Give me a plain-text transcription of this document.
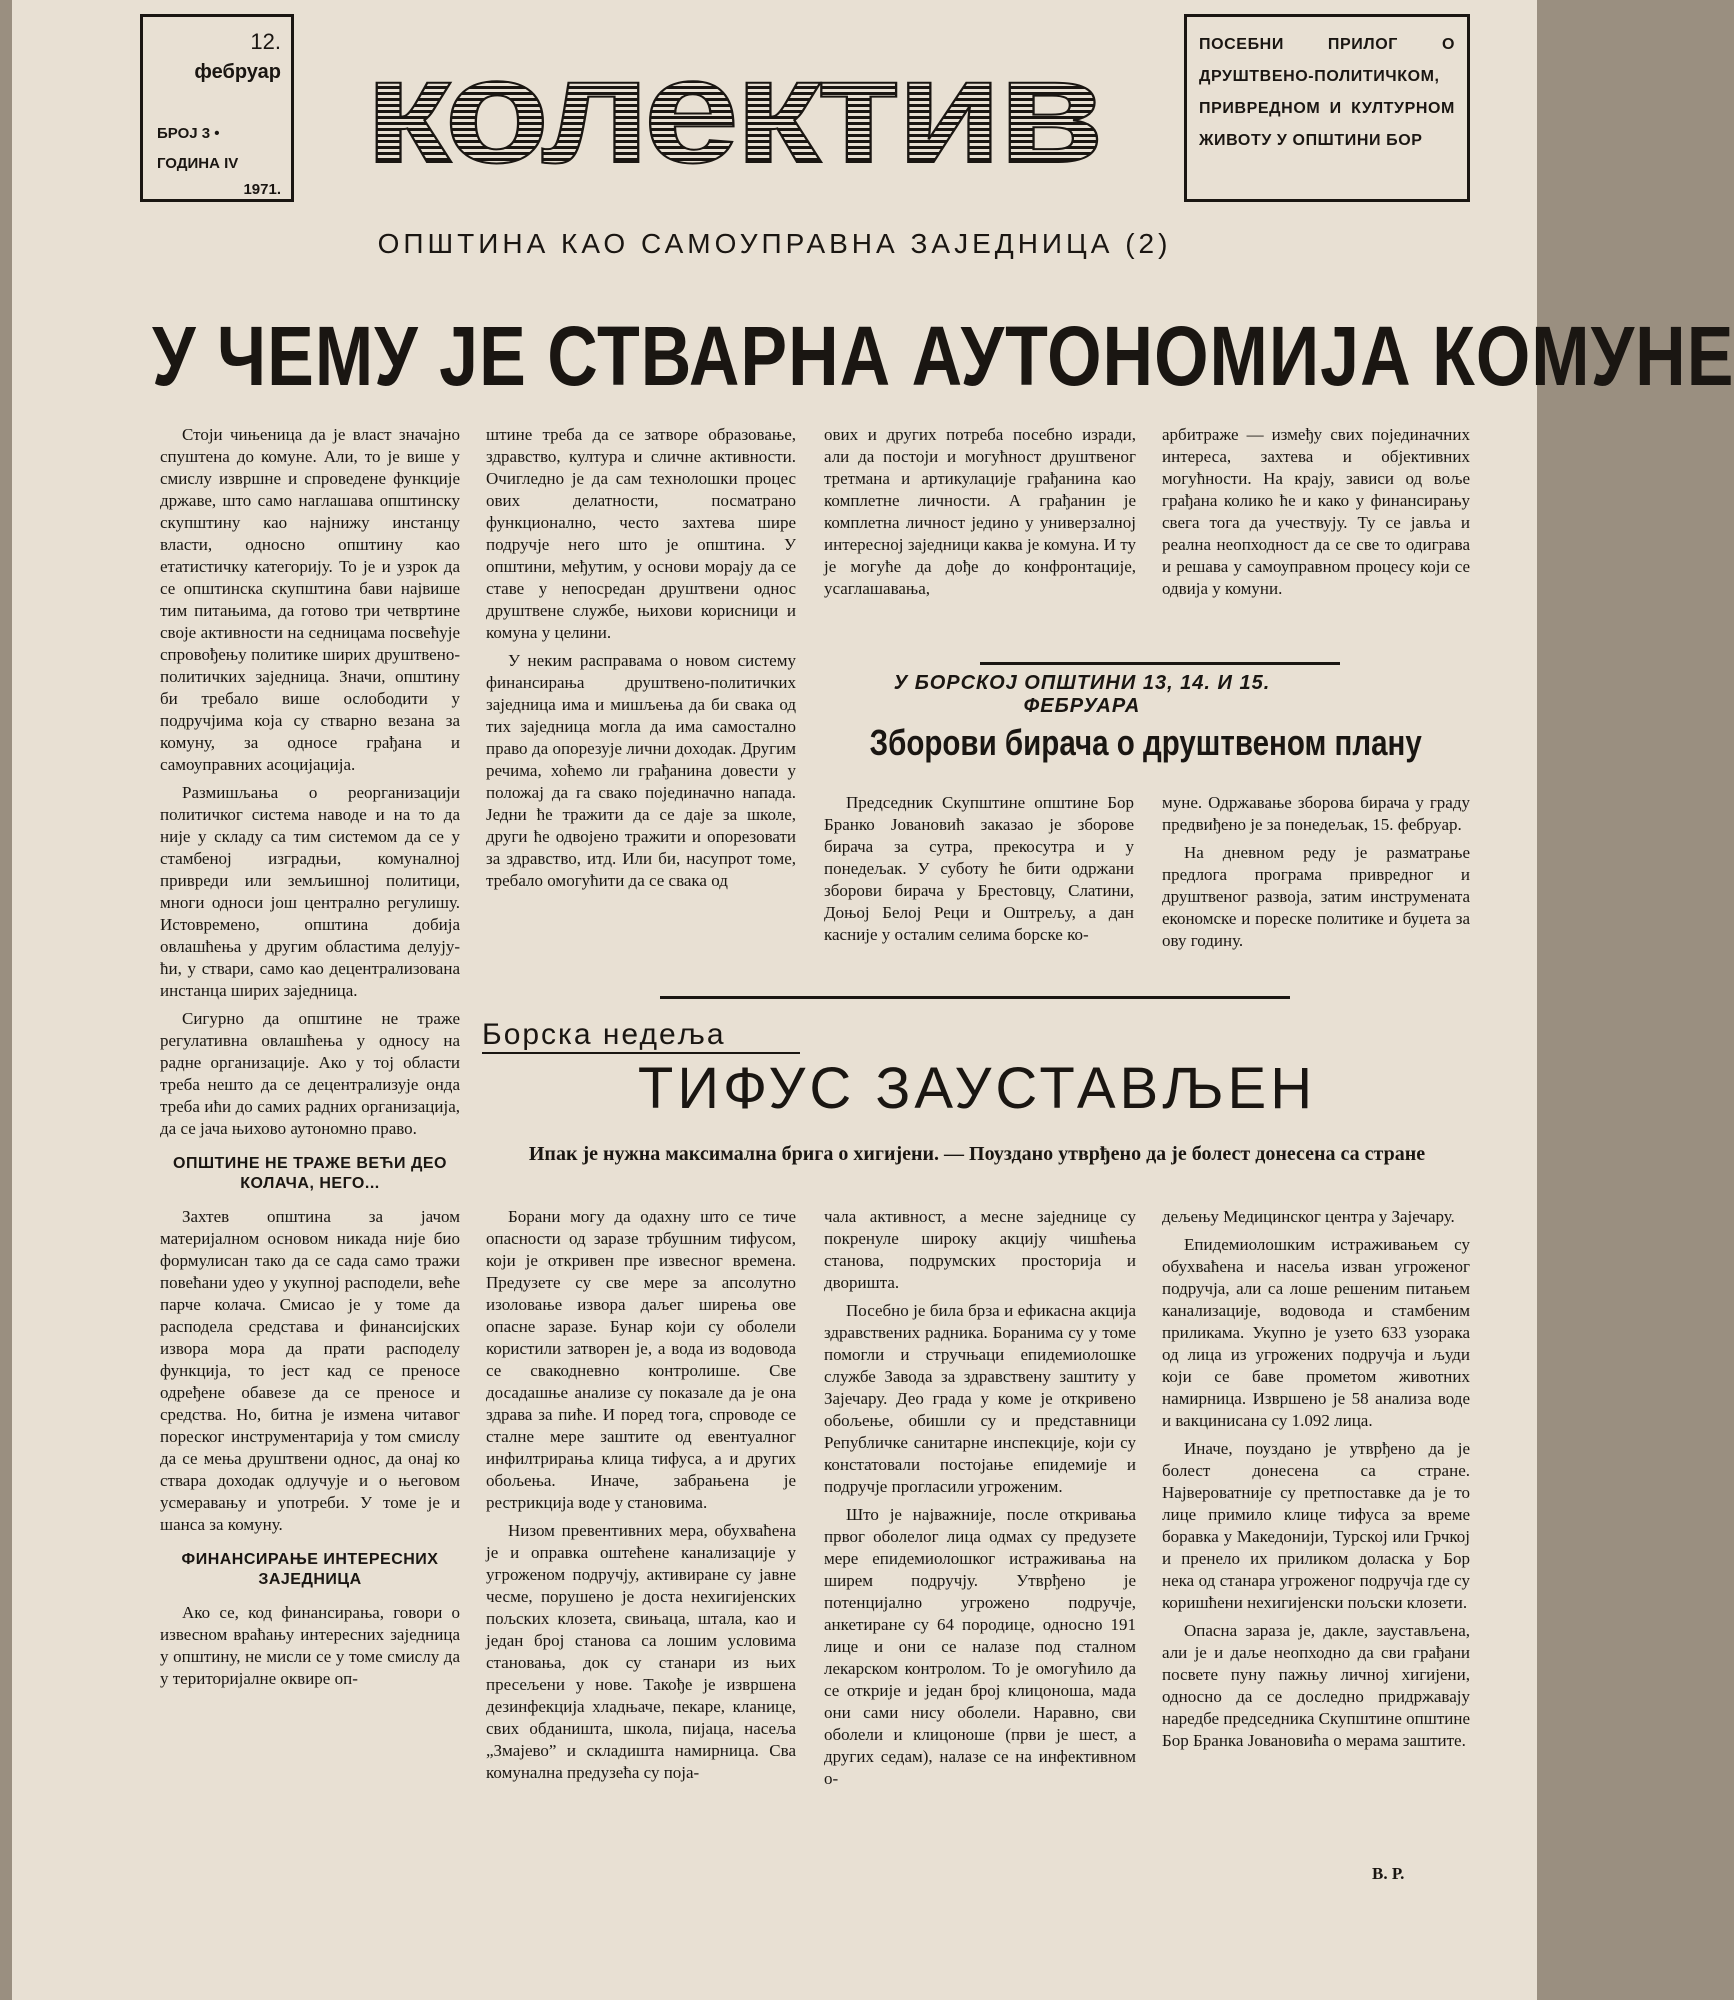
12.
фебруар
БРОЈ 3 •
ГОДИНА IV
1971. колектив	ПОСЕБНИ ПРИЛОГ О ДРУШТВЕНО-ПОЛИТИЧКОМ, ПРИВРЕДНОМ И КУЛТУРНОМ ЖИВОТУ У ОПШТИНИ БОР
ОПШТИНА КАО САМОУПРАВНА ЗАЈЕДНИЦА (2)
У ЧЕМУ ЈЕ СТВАРНА АУТОНОМИЈА КОМУНЕ

Стоји чињеница да је власт значајно спуштена до комуне. Али, то је више у смислу извршне и спроведене функције државе, што само наглашава општинску скупштину као најнижу инстанцу власти, односно општину као етатистичку категорију. То је и узрок да се општинска скупштина бави највише тим питањима, да готово три четвртине своје активности на седницама посвећује спровођењу политике ширих друштвено-политичких заједница. Значи, општину би требало више ослободити у подручјима која су стварно везана за комуну, за односе грађана и самоуправних асоцијација.

Размишљања о реорганизацији политичког система наводе и на то да није у складу са тим системом да се у стамбеној изградњи, комуналној привреди или земљишној политици, многи односи још централно регулишу. Истовремено, општина добија овлашћења у другим областима делујући, у ствари, само као децентрализована инстанца ширих заједница.

Сигурно да општине не траже регулативна овлашћења у односу на радне организације. Ако у тој области треба нешто да се децентрализује онда треба ићи до самих радних организација, да се јача њихово аутономно право.

ОПШТИНЕ НЕ ТРАЖЕ ВЕЋИ ДЕО КОЛАЧА, НЕГО...

Захтев општина за јачом материјалном основом никада није био формулисан тако да се сада само тражи повећани удео у укупној расподели, веће парче колача. Смисао је у томе да расподела средстава и финансијских извора мора да прати расподелу функција, то јест кад се преносе одређене обавезе да се преносе и средства. Но, битна је измена читавог пореског инструментарија у том смислу да се мења друштвени однос, да онај ко ствара доходак одлучује и о његовом усмеравању и употреби. У томе је и шанса за комуну.

ФИНАНСИРАЊЕ ИНТЕРЕСНИХ ЗАЈЕДНИЦА

Ако се, код финансирања, говори о извесном враћању интересних заједница у општину, не мисли се у томе смислу да у територијалне оквире оп-

штине треба да се затворе образовање, здравство, култура и сличне активности. Очигледно је да сам технолошки процес ових делатности, посматрано функционално, често захтева шире подручје него што је општина. У општини, међутим, у основи морају да се ставе у непосредан друштвени однос друштвене службе, њихови корисници и комуна у целини.

У неким расправама о новом систему финансирања друштвено-политичких заједница има и мишљења да би свака од тих заједница могла да има самостално право да опорезује лични доходак. Другим речима, хоћемо ли грађанина довести у положај да га свако појединачно напада. Једни ће тражити да се даје за школе, други ће одвојено тражити и опорезовати за здравство, итд. Или би, насупрот томе, требало омогућити да се свака од

ових и других потреба посебно изради, али да постоји и могућност друштвеног третмана и артикулације грађанина као комплетне личности. А грађанин је комплетна личност једино у универзалној интересној заједници каква је комуна. И ту је могуће да дође до конфронтације, усаглашавања,

арбитраже — између свих појединачних интереса, захтева и објективних могућности. На крају, зависи од воље грађана колико ће и како у финансирању свега тога да учествују. Ту се јавља и реална неопходност да се све то одиграва и решава у самоуправном процесу који се одвија у комуни.

У БОРСКОЈ ОПШТИНИ 13, 14. И 15. ФЕБРУАРА
Зборови бирача о друштвеном плану

Председник Скупштине општине Бор Бранко Јовановић заказао је зборове бирача за сутра, прекосутра и у понедељак. У суботу ће бити одржани зборови бирача у Брестовцу, Слатини, Доњој Белој Реци и Оштрељу, а дан касније у осталим селима борске ко-

муне. Одржавање зборова бирача у граду предвиђено је за понедељак, 15. фебруар.

На дневном реду је разматрање предлога програма привредног и друштвеног развоја, затим инструмената економске и пореске политике и буџета за ову годину.

Борска недеља
ТИФУС ЗАУСТАВЉЕН
Ипак је нужна максимална брига о хигијени. — Поуздано утврђено да је болест донесена са стране

Борани могу да одахну што се тиче опасности од заразе трбушним тифусом, који је откривен пре извесног времена. Предузете су све мере за апсолутно изоловање извора даљег ширења ове опасне заразе. Бунар који су оболели користили затворен је, а вода из водовода се свакодневно контролише. Све досадашње анализе су показале да је она здрава за пиће. И поред тога, спроводе се сталне мере заштите од евентуалног инфилтрирања клица тифуса, а и других обољења. Иначе, забрањена је рестрикција воде у становима.

Низом превентивних мера, обухваћена је и оправка оштећене канализације у угроженом подручју, активиране су јавне чесме, порушено је доста нехигијенских пољских клозета, свињаца, штала, као и један број станова са лошим условима становања, док су станари из њих пресељени у нове. Такође је извршена дезинфекција хладњаче, пекаре, кланице, свих обданишта, школа, пијаца, насеља „Змајево” и складишта намирница. Сва комунална предузећа су поја-

чала активност, а месне заједнице су покренуле широку акцију чишћења станова, подрумских просторија и дворишта.

Посебно је била брза и ефикасна акција здравствених радника. Боранима су у томе помогли и стручњаци епидемиолошке службе Завода за здравствену заштиту у Зајечару. Део града у коме је откривено обољење, обишли су и представници Републичке санитарне инспекције, који су констатовали постојање епидемије и подручје прогласили угроженим.

Што је најважније, после откривања првог оболелог лица одмах су предузете мере епидемиолошког истраживања на ширем подручју. Утврђено је потенцијално угрожено подручје, анкетиране су 64 породице, односно 191 лице и они се налазе под сталном лекарском контролом. То је омогућило да се открије и један број клицоноша, мада они сами нису оболели. Наравно, сви оболели и клицоноше (први је шест, а других седам), налазе се на инфективном о-

дељењу Медицинског центра у Зајечару.

Епидемиолошким истраживањем су обухваћена и насеља изван угроженог подручја, али са лоше решеним питањем канализације, водовода и стамбеним приликама. Укупно је узето 633 узорака од лица из угрожених подручја и људи који се баве прометом животних намирница. Извршено је 58 анализа воде и вакцинисана су 1.092 лица.

Иначе, поуздано је утврђено да је болест донесена са стране. Највероватније су претпоставке да је то лице примило клице тифуса за време боравка у Македонији, Турској или Грчкој и пренело их приликом доласка у Бор нека од станара угроженог подручја где су коришћени нехигијенски пољски клозети.

Опасна зараза је, дакле, заустављена, али је и даље неопходно да сви грађани посвете пуну пажњу личној хигијени, односно да се доследно придржавају наредбе председника Скупштине општине Бор Бранка Јовановића о мерама заштите.

В. Р.
